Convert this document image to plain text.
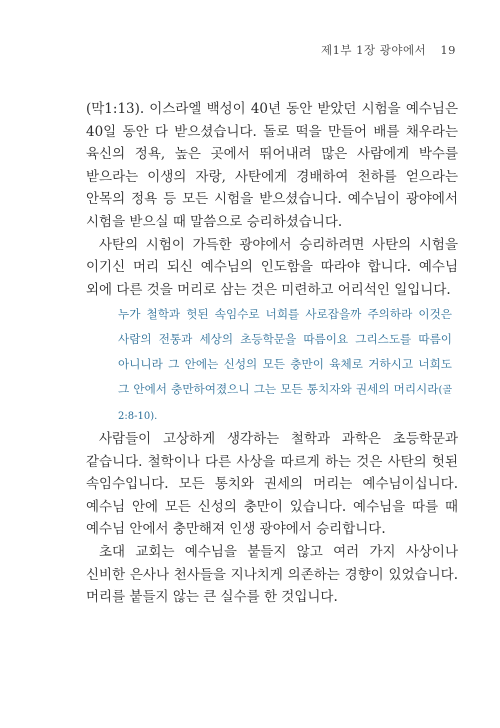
제1부 1장 광야에서 19

(막1:13). 이스라엘 백성이 40년 동안 받았던 시험을 예수님은 40일 동안 다 받으셨습니다. 돌로 떡을 만들어 배를 채우라는 육신의 정욕, 높은 곳에서 뛰어내려 많은 사람에게 박수를 받으라는 이생의 자랑, 사탄에게 경배하여 천하를 얻으라는 안목의 정욕 등 모든 시험을 받으셨습니다. 예수님이 광야에서 시험을 받으실 때 말씀으로 승리하셨습니다.

사탄의 시험이 가득한 광야에서 승리하려면 사탄의 시험을 이기신 머리 되신 예수님의 인도함을 따라야 합니다. 예수님 외에 다른 것을 머리로 삼는 것은 미련하고 어리석인 일입니다.

누가 철학과 헛된 속임수로 너희를 사로잡을까 주의하라 이것은 사람의 전통과 세상의 초등학문을 따름이요 그리스도를 따름이 아니니라 그 안에는 신성의 모든 충만이 육체로 거하시고 너희도 그 안에서 충만하여졌으니 그는 모든 통치자와 권세의 머리시라(골 2:8-10).

사람들이 고상하게 생각하는 철학과 과학은 초등학문과 같습니다. 철학이나 다른 사상을 따르게 하는 것은 사탄의 헛된 속임수입니다. 모든 통치와 권세의 머리는 예수님이십니다. 예수님 안에 모든 신성의 충만이 있습니다. 예수님을 따를 때 예수님 안에서 충만해져 인생 광야에서 승리합니다.

초대 교회는 예수님을 붙들지 않고 여러 가지 사상이나 신비한 은사나 천사들을 지나치게 의존하는 경향이 있었습니다. 머리를 붙들지 않는 큰 실수를 한 것입니다.
